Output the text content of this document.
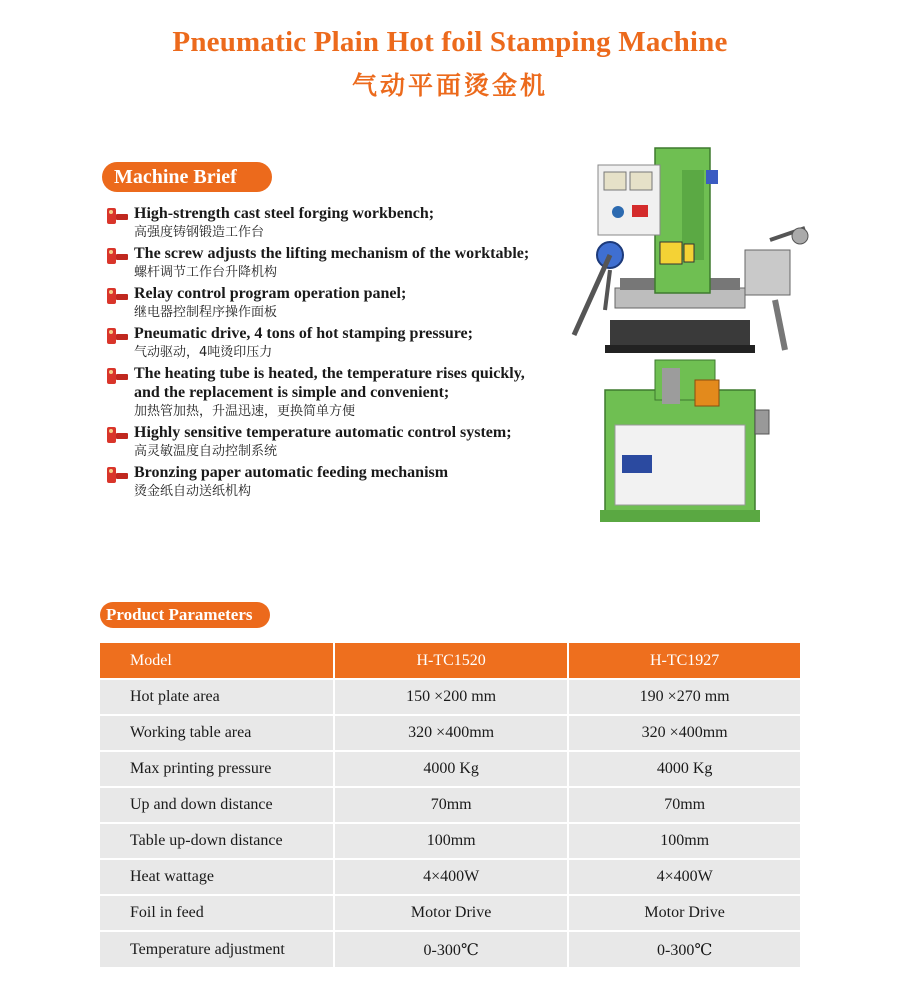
Pneumatic Plain Hot foil Stamping Machine
气动平面烫金机
Machine Brief
High-strength cast steel forging workbench;
高强度铸钢锻造工作台
The screw adjusts the lifting mechanism of the worktable;
螺杆调节工作台升降机构
Relay control program operation panel;
继电器控制程序操作面板
Pneumatic drive, 4 tons of hot stamping pressure;
气动驱动，4吨烫印压力
The heating tube is heated, the temperature rises quickly,
and the replacement is simple and convenient;
加热管加热，升温迅速，更换简单方便
Highly sensitive temperature automatic control system;
高灵敏温度自动控制系统
Bronzing paper automatic feeding mechanism
烫金纸自动送纸机构
Product Parameters
Model	H-TC1520	H-TC1927
Hot plate area	150 ×200 mm	190 ×270 mm
Working table area	320 ×400mm	320 ×400mm
Max printing pressure	4000 Kg	4000 Kg
Up and down distance	70mm	70mm
Table up-down distance	100mm	100mm
Heat wattage	4×400W	4×400W
Foil in feed	Motor Drive	Motor Drive
Temperature adjustment	0-300℃	0-300℃
